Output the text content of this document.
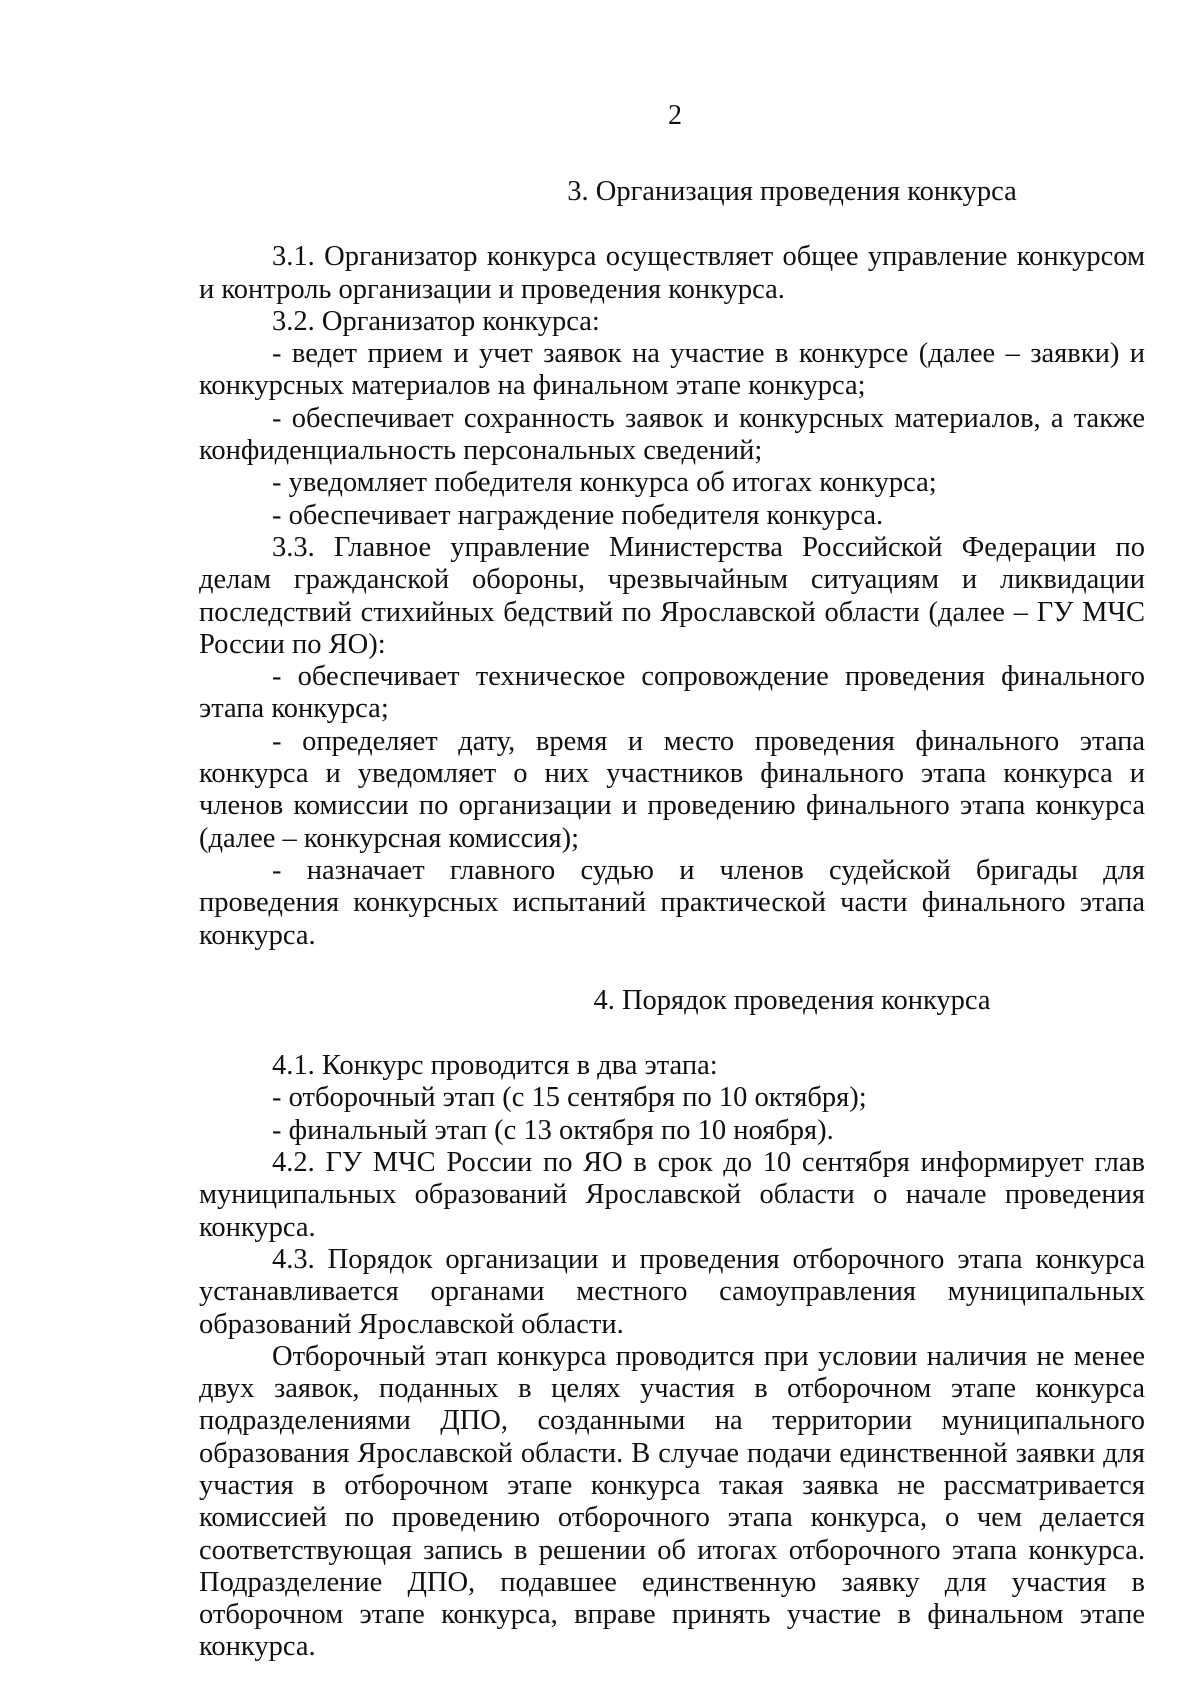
2
3. Организация проведения конкурса

3.1. Организатор конкурса осуществляет общее управление конкурсом и контроль организации и проведения конкурса.

3.2. Организатор конкурса:

- ведет прием и учет заявок на участие в конкурсе (далее – заявки) и конкурсных материалов на финальном этапе конкурса;

- обеспечивает сохранность заявок и конкурсных материалов, а также конфиденциальность персональных сведений;

- уведомляет победителя конкурса об итогах конкурса;

- обеспечивает награждение победителя конкурса.

3.3. Главное управление Министерства Российской Федерации по делам гражданской обороны, чрезвычайным ситуациям и ликвидации последствий стихийных бедствий по Ярославской области (далее – ГУ МЧС России по ЯО):

- обеспечивает техническое сопровождение проведения финального этапа конкурса;

- определяет дату, время и место проведения финального этапа конкурса и уведомляет о них участников финального этапа конкурса и членов комиссии по организации и проведению финального этапа конкурса (далее – конкурсная комиссия);

- назначает главного судью и членов судейской бригады для проведения конкурсных испытаний практической части финального этапа конкурса.

4. Порядок проведения конкурса

4.1. Конкурс проводится в два этапа:

- отборочный этап (с 15 сентября по 10 октября);

- финальный этап (с 13 октября по 10 ноября).

4.2. ГУ МЧС России по ЯО в срок до 10 сентября информирует глав муниципальных образований Ярославской области о начале проведения конкурса.

4.3. Порядок организации и проведения отборочного этапа конкурса устанавливается органами местного самоуправления муниципальных образований Ярославской области.

Отборочный этап конкурса проводится при условии наличия не менее двух заявок, поданных в целях участия в отборочном этапе конкурса подразделениями ДПО, созданными на территории муниципального образования Ярославской области. В случае подачи единственной заявки для участия в отборочном этапе конкурса такая заявка не рассматривается комиссией по проведению отборочного этапа конкурса, о чем делается соответствующая запись в решении об итогах отборочного этапа конкурса. Подразделение ДПО, подавшее единственную заявку для участия в отборочном этапе конкурса, вправе принять участие в финальном этапе конкурса.
